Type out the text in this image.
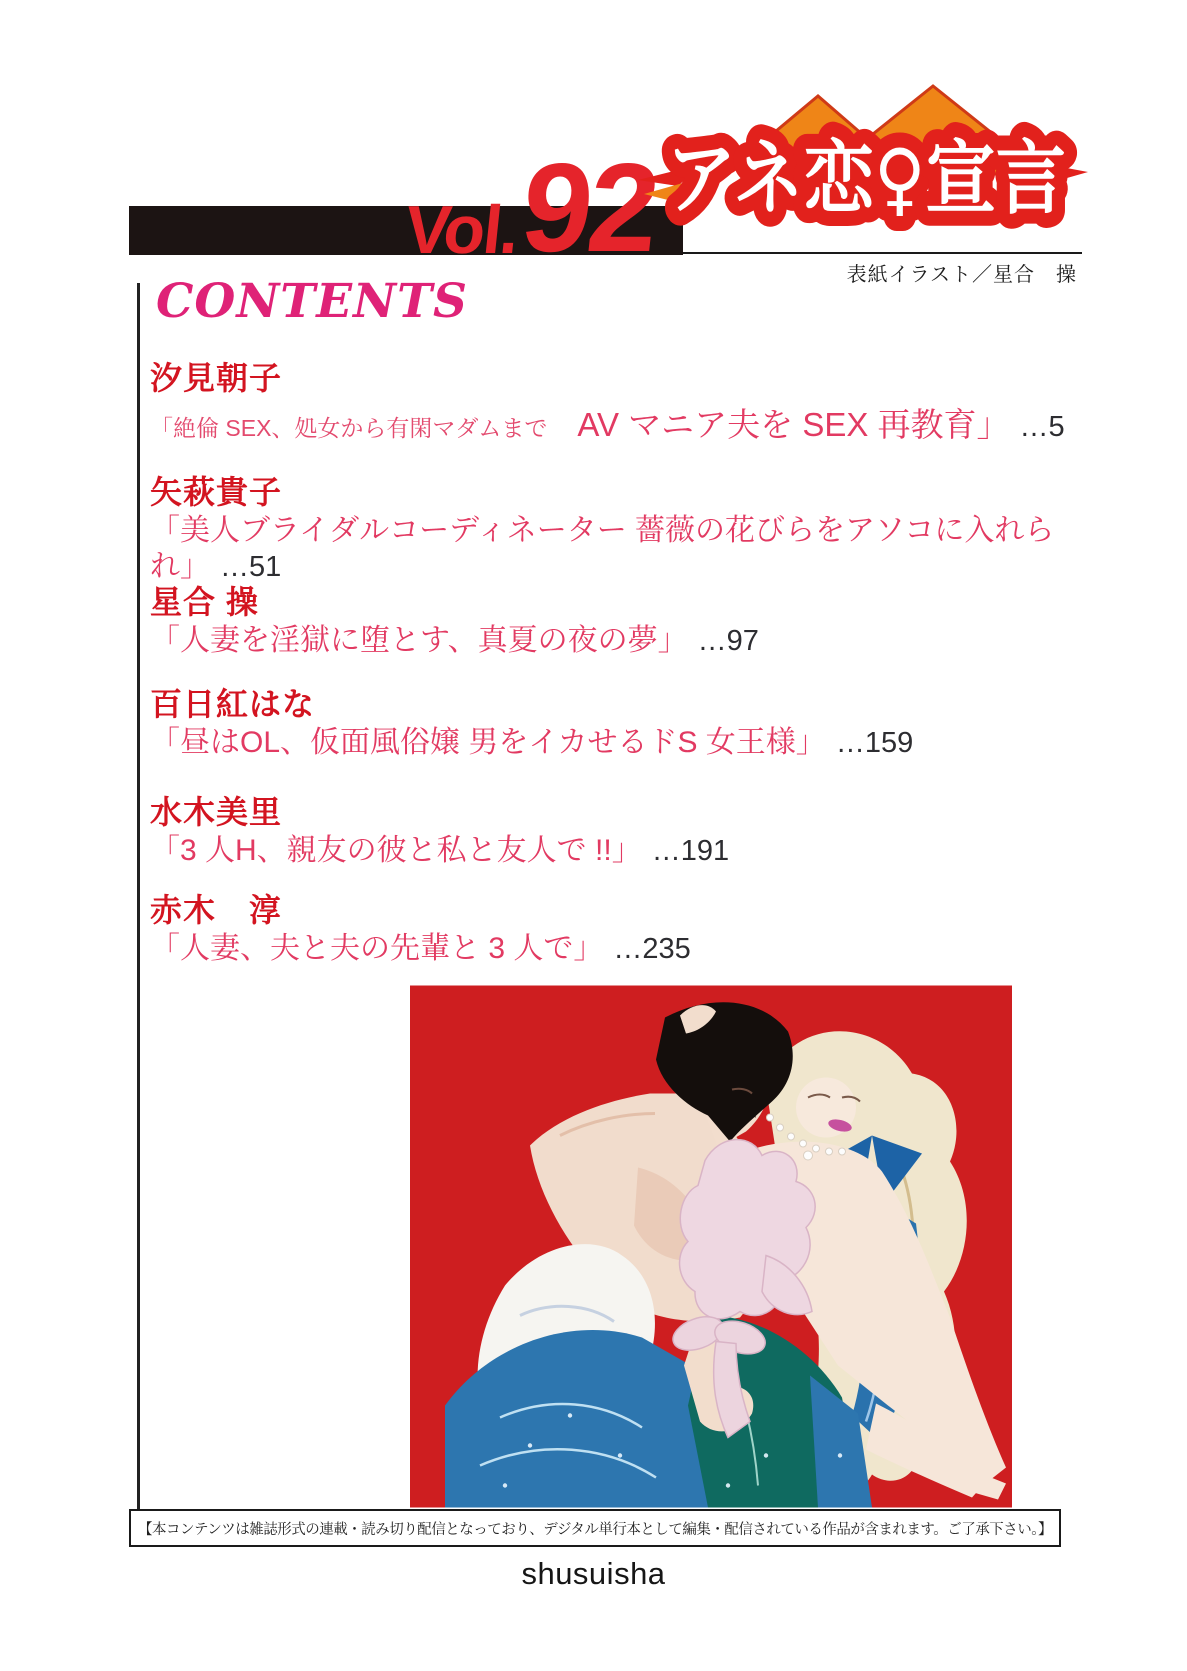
Vol.
92 アネ恋♀宣言
表紙イラスト／星合　操
CONTENTS
汐見朝子
「絶倫 SEX、処女から有閑マダムまで AV マニア夫を SEX 再教育」 …5
矢萩貴子
「美人ブライダルコーディネーター 薔薇の花びらをアソコに入れられ」 …51
星合 操
「人妻を淫獄に堕とす、真夏の夜の夢」 …97
百日紅はな
「昼はOL、仮面風俗嬢 男をイカせるドS 女王様」 …159
水木美里
「3 人H、親友の彼と私と友人で !!」 …191
赤木　淳
「人妻、夫と夫の先輩と 3 人で」 …235
【本コンテンツは雑誌形式の連載・読み切り配信となっており、デジタル単行本として編集・配信されている作品が含まれます。ご了承下さい。】
shusuisha
